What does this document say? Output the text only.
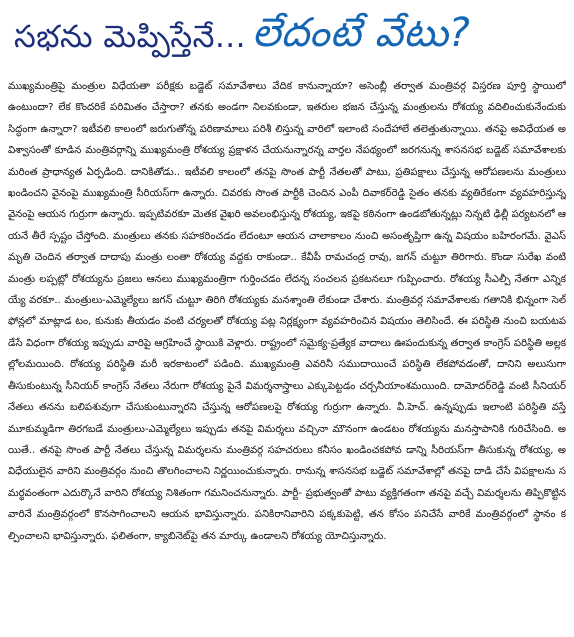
సభను మెప్పిస్తేనే... లేదంటే వేటు?

ముఖ్యమంత్రిపై మంత్రుల విధేయతా పరీక్షకు బడ్జెట్ సమావేశాలు వేదిక కానున్నాయా? అసెంబ్లీ తర్వాత మంత్రివర్గ విస్తరణ పూర్తి స్థాయిలో ఉంటుందా? లేక కొందరికే పరిమితం చేస్తారా? తనకు అండగా నిలవకుండా, ఇతరుల భజన చేస్తున్న మంత్రులను రోశయ్య వదిలించుకునేందుకు సిద్ధంగా ఉన్నారా? ఇటీవలి కాలంలో జరుగుతోన్న పరిణామాలు పరిశీ లిస్తున్న వారిలో ఇలాంటి సందేహాలే తలెత్తుతున్నాయి. తనపై అవిధేయత అవిశ్వాసంతో కూడిన మంత్రివర్గాన్ని ముఖ్యమంత్రి రోశయ్య ప్రక్షాళన చేయనున్నారన్న వార్తల నేపథ్యంలో జరగనున్న శాసనసభ బడ్జెట్ సమావేశాలకు మరింత ప్రాధాన్యత ఏర్పడింది. దానికితోడు.. ఇటీవలి కాలంలో తనపై సొంత పార్టీ నేతలతో పాటు, ప్రతిపక్షాలు చేస్తున్న ఆరోపణలను మంత్రులు ఖండించని వైనంపై ముఖ్యమంత్రి సీరియస్‌గా ఉన్నారు. చివరకు సొంత పార్టీకి చెందిన ఎంపీ దివాకర్‌రెడ్డి సైతం తనకు వ్యతిరేకంగా వ్యవహరిస్తున్న వైనంపై ఆయన గుర్రుగా ఉన్నారు. ఇప్పటివరకూ మెతక వైఖరి అవలంభిస్తున్న రోశయ్య, ఇకపై కఠినంగా ఉండబోతున్నట్లు నిన్నటి ఢిల్లీ పర్యటనలో ఆయనే తీరే స్పష్టం చేస్తోంది. మంత్రులు తనకు సహకరించడం లేదంటూ ఆయన చాలాకాలం నుంచి అసంతృప్తిగా ఉన్న విషయం బహిరంగమే. వైఎస్ మృతి చెందిన తర్వాత దాదాపు మంత్రు లంతా రోశయ్య వద్దకు రాకుండా.. కేవీపీ రామచంద్ర రావు, జగన్ చుట్టూ తిరిగారు. కొండా సురేఖ వంటి మంత్రు లప్పట్లో రోశయ్యను ప్రజలు ఆనలు ముఖ్యమంత్రిగా గుర్తించడం లేదన్న సంచలన ప్రకటనలూ గుప్పించారు. రోశయ్య సీఎల్పీ నేతగా ఎన్నికయ్యే వరకూ.. మంత్రులు-ఎమ్మెల్యేలు జగన్ చుట్టూ తిరిగి రోశయ్యకు మనశ్శాంతి లేకుండా చేశారు. మంత్రివర్గ సమావేశాలకు గతానికి భిన్నంగా సెల్ ఫోన్లలో మాట్లాడ టం, కునుకు తీయడం వంటి చర్యలతో రోశయ్య పట్ల నిర్లక్ష్యంగా వ్యవహరించిన విషయం తెలిసిందే. ఈ పరిస్థితి నుంచి బయటపడేసే విధంగా రోశయ్య ఇప్పుడు వారిపై ఆగ్రహించే స్థాయికి వెళ్లారు. రాష్ట్రంలో సమైక్య-ప్రత్యేక వాదాలు ఊపందుకున్న తర్వాత కాంగ్రెస్ పరిస్థితి అల్లకల్లోలమయింది. రోశయ్య పరిస్థితి మరీ ఇరకాటంలో పడింది. ముఖ్యమంత్రి ఎవరినీ సముదాయించే పరిస్థితి లేకపోవడంతో, దానిని అలుసుగా తీసుకుంటున్న సీనియర్ కాంగ్రెస్ నేతలు నేరుగా రోశయ్య పైనే విమర్శనాస్త్రాలు ఎక్కుపెట్టడం చర్చనీయాంశమయింది. దామోదర్‌రెడ్డి వంటి సీనియర్ నేతలు తనను బలిపశువుగా చేసుకుంటున్నారని చేస్తున్న ఆరోపణలపై రోశయ్య గుర్రుగా ఉన్నారు. వీ.హెచ్. ఉన్నప్పుడు ఇలాంటి పరిస్థితి వస్తే మూకుమ్మడిగా తిరగబడే మంత్రులు-ఎమ్మెల్యేలు ఇప్పుడు తనపై విమర్శలు వచ్చినా మౌనంగా ఉండటం రోశయ్యను మనస్తాపానికి గురిచేసింది. అయితే.. తనపై సొంత పార్టీ నేతలు చేస్తున్న విమర్శలను మంత్రివర్గ సహచరులు కనీసం ఖండించకపోవ డాన్ని సీరియస్‌గా తీసుకున్న రోశయ్య, అవిధేయులైన వారిని మంత్రివర్గం నుంచి తొలగించాలని నిర్ణయించుకున్నారు. రానున్న శాసనసభ బడ్జెట్ సమావేశాల్లో తనపై దాడి చేసే విపక్షాలను సమర్థవంతంగా ఎదుర్కొనే వారిని రోశయ్య నిశితంగా గమనించనున్నారు. పార్టీ- ప్రభుత్వంతో పాటు వ్యక్తిగతంగా తనపై వచ్చే విమర్శలను తిప్పికొట్టిన వారినే మంత్రివర్గంలో కొనసాగించాలని ఆయన భావిస్తున్నారు. పనికిరానివారిని పక్కకుపెట్టి, తన కోసం పనిచేసే వారికే మంత్రివర్గంలో స్థానం కల్పించాలని భావిస్తున్నారు. ఫలితంగా, క్యాబినెట్‌పై తన మార్కు ఉండాలని రోశయ్య యోచిస్తున్నారు.
